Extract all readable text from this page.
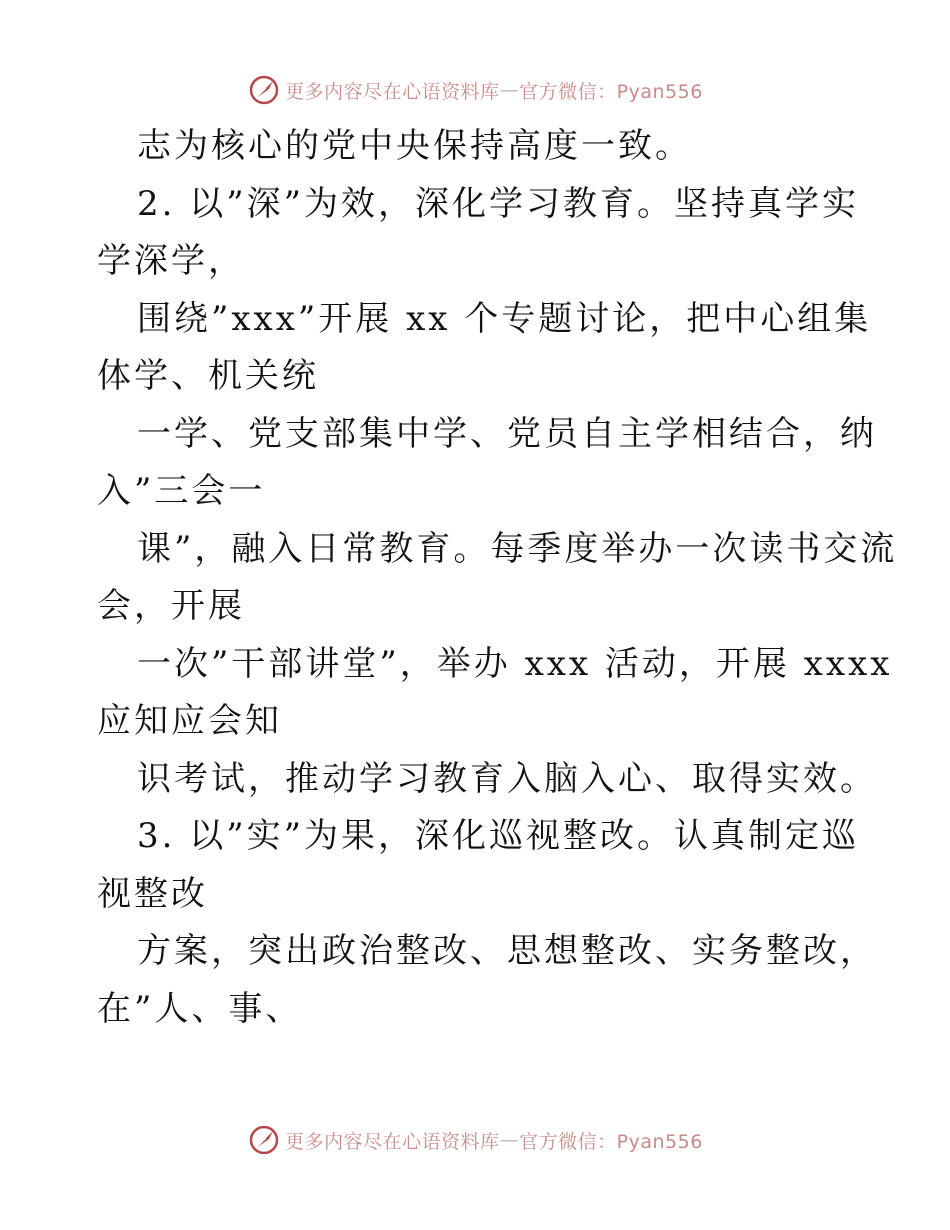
更多内容尽在心语资料库 — 官方微信：Pyan556
志为核心的党中央保持高度一致。
2. 以”深”为效，深化学习教育。坚持真学实
学深学，
围绕”xxx”开展 xx 个专题讨论，把中心组集
体学、机关统
一学、党支部集中学、党员自主学相结合，纳
入”三会一
课”，融入日常教育。每季度举办一次读书交流
会，开展
一次”干部讲堂”，举办 xxx 活动，开展 xxxx
应知应会知
识考试，推动学习教育入脑入心、取得实效。
3. 以”实”为果，深化巡视整改。认真制定巡
视整改
方案，突出政治整改、思想整改、实务整改，
在”人、事、
更多内容尽在心语资料库 — 官方微信：Pyan556
